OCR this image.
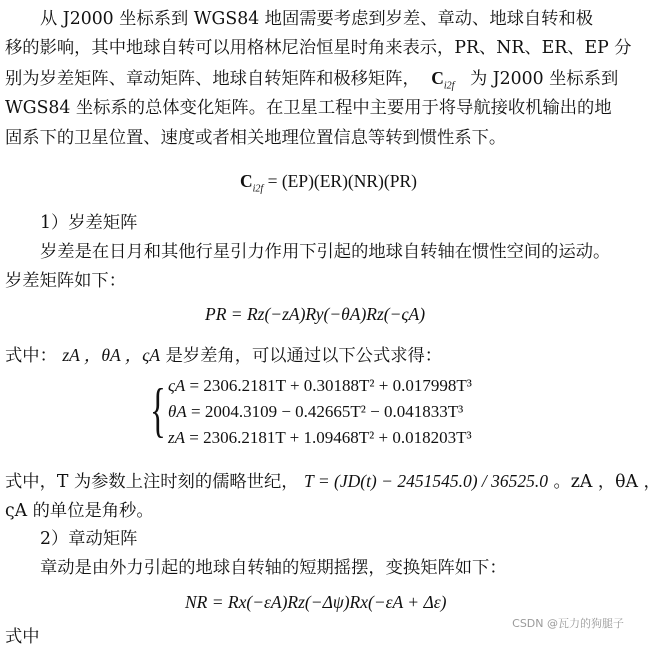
从 J2000 坐标系到 WGS84 地固需要考虑到岁差、章动、地球自转和极
移的影响，其中地球自转可以用格林尼治恒星时角来表示，PR、NR、ER、EP 分
别为岁差矩阵、章动矩阵、地球自转矩阵和极移矩阵， $C_{i2f}$ 为 J2000 坐标系到
WGS84 坐标系的总体变化矩阵。在卫星工程中主要用于将导航接收机输出的地
固系下的卫星位置、速度或者相关地理位置信息等转到惯性系下。
$C_{i2f} = (EP)(ER)(NR)(PR)$
1）岁差矩阵
岁差是在日月和其他行星引力作用下引起的地球自转轴在惯性空间的运动。
岁差矩阵如下：
PR = Rz(−zA)Ry(−θA)Rz(−ςA)
式中： zA ，θA ，ςA 是岁差角，可以通过以下公式求得：
{ ςA = 2306.2181T + 0.30188T² + 0.017998T³
θA = 2004.3109 − 0.42665T² − 0.041833T³
zA = 2306.2181T + 1.09468T² + 0.018203T³
式中，T 为参数上注时刻的儒略世纪， T = (JD(t) − 2451545.0) / 36525.0 。zA ，θA ，
ςA 的单位是角秒。
2）章动矩阵
章动是由外力引起的地球自转轴的短期摇摆，变换矩阵如下：
NR = Rx(−εA)Rz(−Δψ)Rx(−εA + Δε)
式中
CSDN @瓦力的狗腿子
